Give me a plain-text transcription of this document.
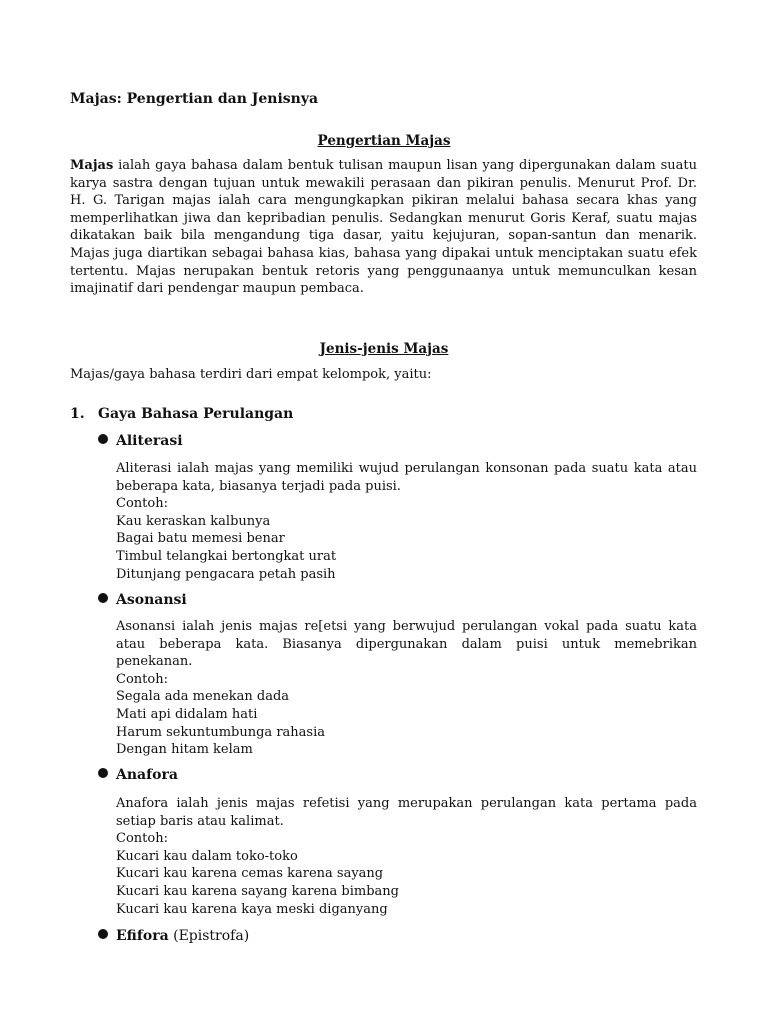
Majas: Pengertian dan Jenisnya
Pengertian Majas
Majas ialah gaya bahasa dalam bentuk tulisan maupun lisan yang dipergunakan dalam suatu
karya sastra dengan tujuan untuk mewakili perasaan dan pikiran penulis. Menurut Prof. Dr.
H. G. Tarigan majas ialah cara mengungkapkan pikiran melalui bahasa secara khas yang
memperlihatkan jiwa dan kepribadian penulis. Sedangkan menurut Goris Keraf, suatu majas
dikatakan baik bila mengandung tiga dasar, yaitu kejujuran, sopan-santun dan menarik.
Majas juga diartikan sebagai bahasa kias, bahasa yang dipakai untuk menciptakan suatu efek
tertentu. Majas nerupakan bentuk retoris yang penggunaanya untuk memunculkan kesan
imajinatif dari pendengar maupun pembaca.
Jenis-jenis Majas
Majas/gaya bahasa terdiri dari empat kelompok, yaitu:
1. Gaya Bahasa Perulangan
Aliterasi
Aliterasi ialah majas yang memiliki wujud perulangan konsonan pada suatu kata atau
beberapa kata, biasanya terjadi pada puisi.
Contoh:
Kau keraskan kalbunya
Bagai batu memesi benar
Timbul telangkai bertongkat urat
Ditunjang pengacara petah pasih
Asonansi
Asonansi ialah jenis majas re[etsi yang berwujud perulangan vokal pada suatu kata
atau beberapa kata. Biasanya dipergunakan dalam puisi untuk memebrikan
penekanan.
Contoh:
Segala ada menekan dada
Mati api didalam hati
Harum sekuntumbunga rahasia
Dengan hitam kelam
Anafora
Anafora ialah jenis majas refetisi yang merupakan perulangan kata pertama pada
setiap baris atau kalimat.
Contoh:
Kucari kau dalam toko-toko
Kucari kau karena cemas karena sayang
Kucari kau karena sayang karena bimbang
Kucari kau karena kaya meski diganyang
Efifora (Epistrofa)
